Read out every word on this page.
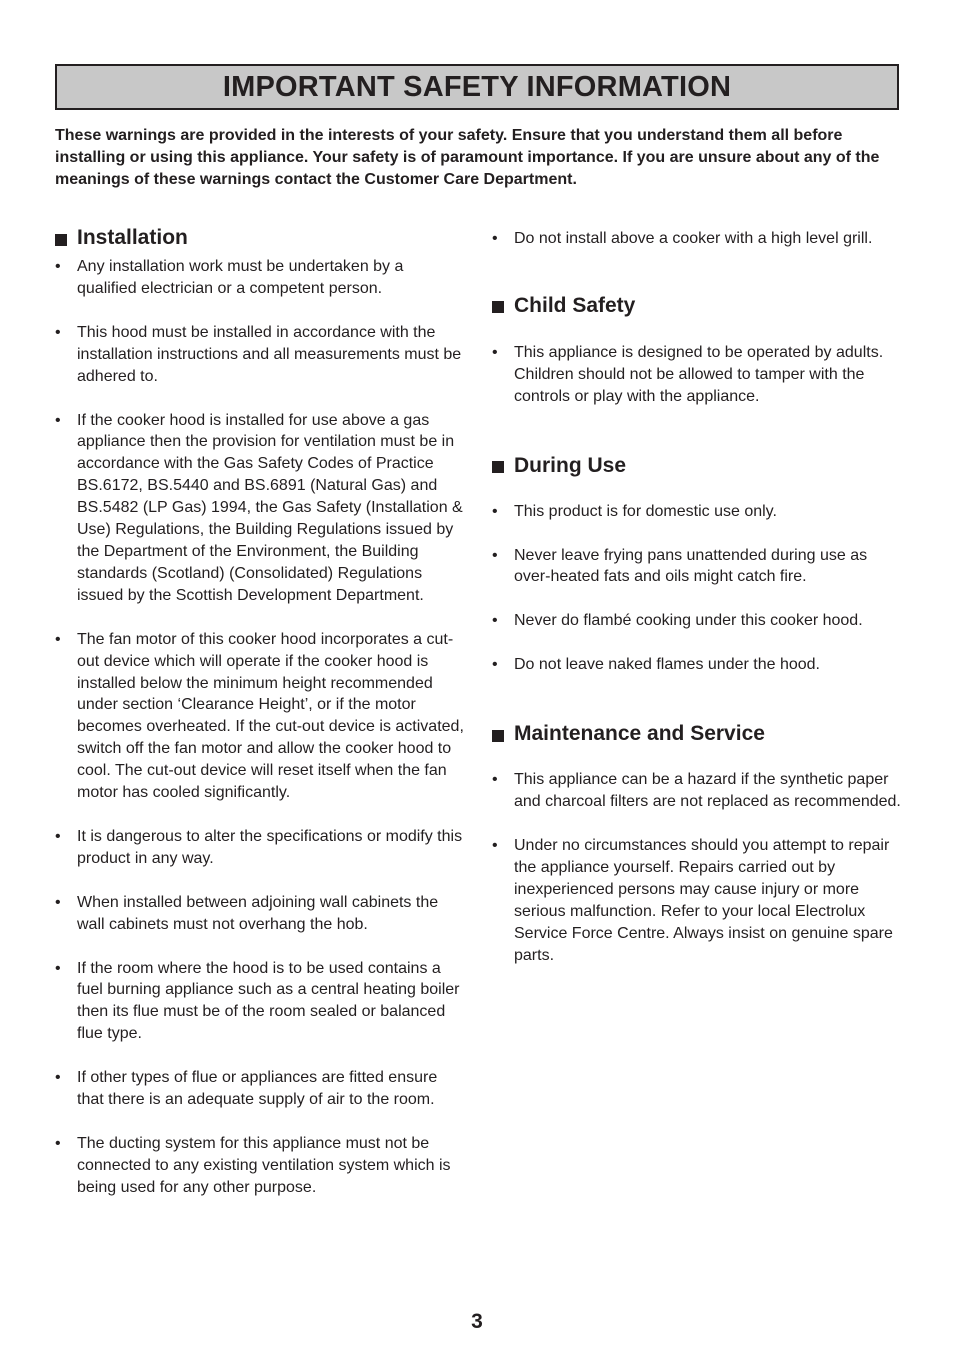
IMPORTANT SAFETY INFORMATION

These warnings are provided in the interests of your safety. Ensure that you understand them all before installing or using this appliance. Your safety is of paramount importance. If you are unsure about any of the meanings of these warnings contact the Customer Care Department.

Installation
• Any installation work must be undertaken by a qualified electrician or a competent person.
• This hood must be installed in accordance with the installation instructions and all measurements must be adhered to.
• If the cooker hood is installed for use above a gas appliance then the provision for ventilation must be in accordance with the Gas Safety Codes of Practice BS.6172, BS.5440 and BS.6891 (Natural Gas) and BS.5482 (LP Gas) 1994, the Gas Safety (Installation & Use) Regulations, the Building Regulations issued by the Department of the Environment, the Building standards (Scotland) (Consolidated) Regulations issued by the Scottish Development Department.
• The fan motor of this cooker hood incorporates a cut-out device which will operate if the cooker hood is installed below the minimum height recommended under section ‘Clearance Height’, or if the motor becomes overheated. If the cut-out device is activated, switch off the fan motor and allow the cooker hood to cool. The cut-out device will reset itself when the fan motor has cooled significantly.
• It is dangerous to alter the specifications or modify this product in any way.
• When installed between adjoining wall cabinets the wall cabinets must not overhang the hob.
• If the room where the hood is to be used contains a fuel burning appliance such as a central heating boiler then its flue must be of the room sealed or balanced flue type.
• If other types of flue or appliances are fitted ensure that there is an adequate supply of air to the room.
• The ducting system for this appliance must not be connected to any existing ventilation system which is being used for any other purpose.
• Do not install above a cooker with a high level grill.
Child Safety
• This appliance is designed to be operated by adults. Children should not be allowed to tamper with the controls or play with the appliance.
During Use
• This product is for domestic use only.
• Never leave frying pans unattended during use as over-heated fats and oils might catch fire.
• Never do flambé cooking under this cooker hood.
• Do not leave naked flames under the hood.
Maintenance and Service
• This appliance can be a hazard if the synthetic paper and charcoal filters are not replaced as recommended.
• Under no circumstances should you attempt to repair the appliance yourself. Repairs carried out by inexperienced persons may cause injury or more serious malfunction. Refer to your local Electrolux Service Force Centre. Always insist on genuine spare parts.
3
